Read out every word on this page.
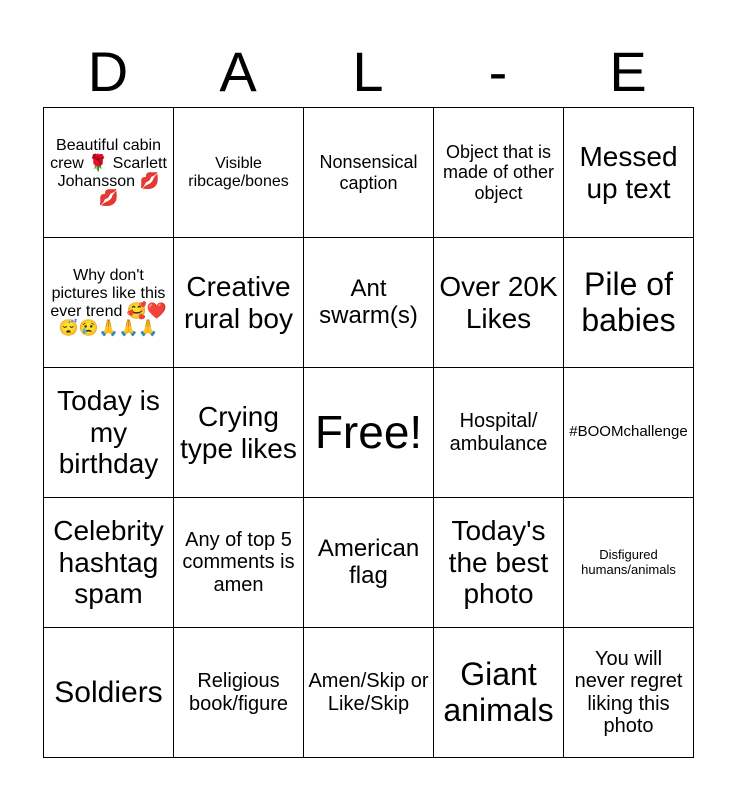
D	A	L	-	E
Beautiful cabin crew 🌹 Scarlett Johansson 💋💋	Visible ribcage/bones	Nonsensical caption	Object that is made of other object	Messed up text
Why don't pictures like this ever trend 🥰❤️😴😢🙏🙏🙏	Creative rural boy	Ant swarm(s)	Over 20K Likes	Pile of babies
Today is my birthday	Crying type likes	Free!	Hospital/ ambulance	#BOOMchallenge
Celebrity hashtag spam	Any of top 5 comments is amen	American flag	Today's the best photo	Disfigured humans/animals
Soldiers	Religious book/figure	Amen/Skip or Like/Skip	Giant animals	You will never regret liking this photo
